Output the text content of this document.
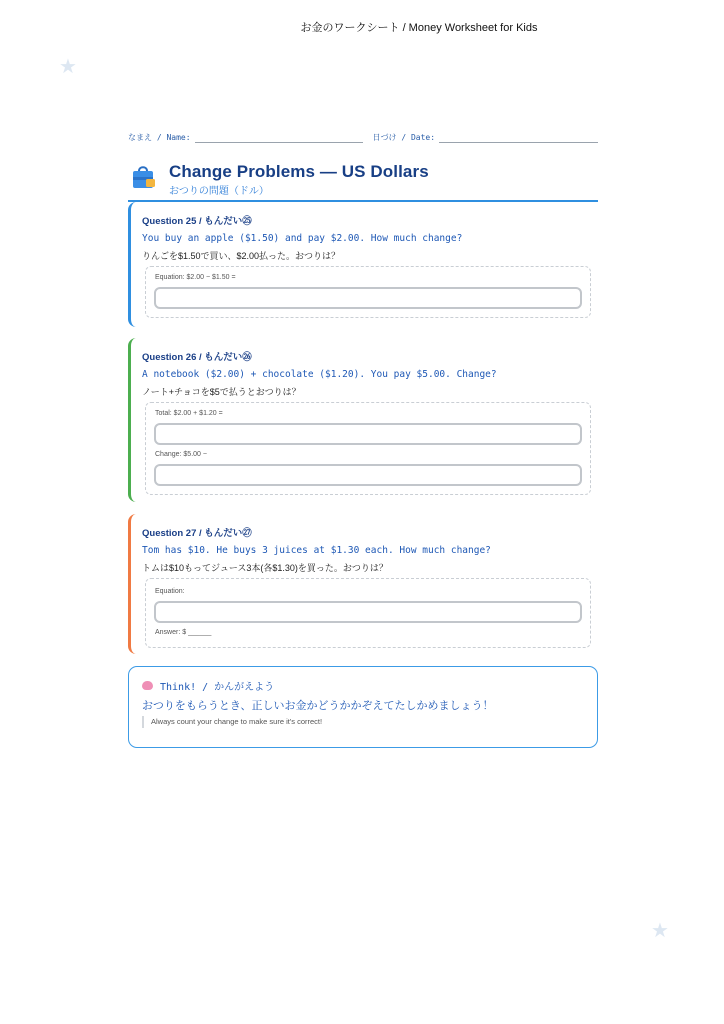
お金のワークシート / Money Worksheet for Kids
★
★
なまえ / Name:	日づけ / Date:
Change Problems — US Dollars
おつりの問題（ドル）
Question 25 / もんだい㉕
You buy an apple ($1.50) and pay $2.00. How much change?
りんごを$1.50で買い、$2.00払った。おつりは？
Equation: $2.00 − $1.50 =
Question 26 / もんだい㉖
A notebook ($2.00) + chocolate ($1.20). You pay $5.00. Change?
ノート+チョコを$5で払うとおつりは？
Total: $2.00 + $1.20 =
Change: $5.00 −
Question 27 / もんだい㉗
Tom has $10. He buys 3 juices at $1.30 each. How much change?
トムは$10もってジュース3本(各$1.30)を買った。おつりは？
Equation:
Answer: $ ______
Think! / かんがえよう
おつりをもらうとき、正しいお金かどうかかぞえてたしかめましょう！
Always count your change to make sure it's correct!
